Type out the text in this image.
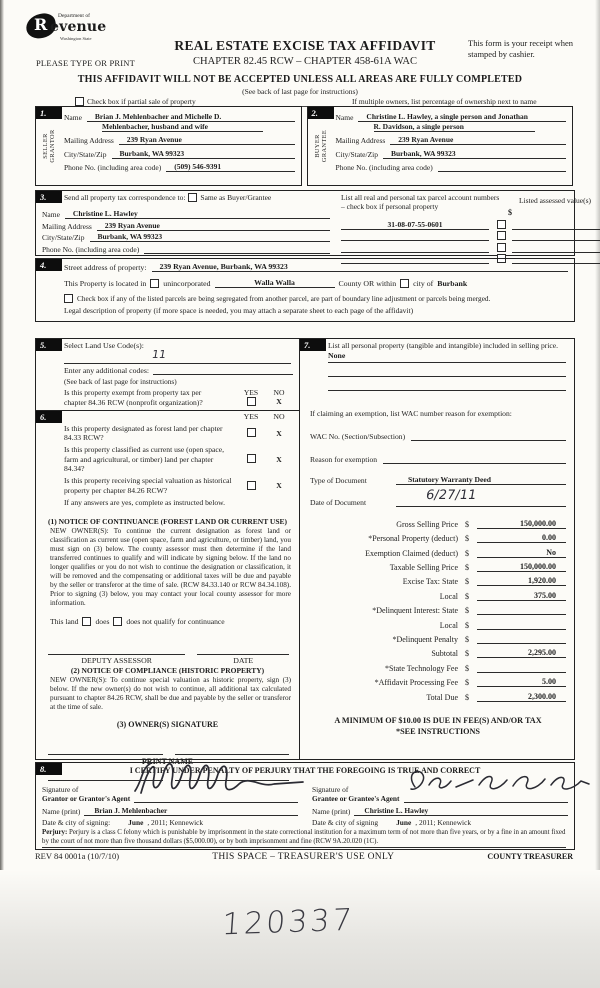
R Department of
evenue
Washington State
PLEASE TYPE OR PRINT
REAL ESTATE EXCISE TAX AFFIDAVIT
CHAPTER 82.45 RCW – CHAPTER 458-61A WAC
This form is your receipt when stamped by cashier.
THIS AFFIDAVIT WILL NOT BE ACCEPTED UNLESS ALL AREAS ARE FULLY COMPLETED
(See back of last page for instructions)
Check box if partial sale of property	If multiple owners, list percentage of ownership next to name
1.
SELLER
GRANTOR
Name	Brian J. Mehlenbacher and Michelle D.
Mehlenbacher, husband and wife
Mailing Address	239 Ryan Avenue
City/State/Zip	Burbank, WA 99323
Phone No. (including area code)	(509) 546-9391
2.
BUYER
GRANTEE
Name	Christine L. Hawley, a single person and Jonathan
R. Davidson, a single person
Mailing Address	239 Ryan Avenue
City/State/Zip	Burbank, WA 99323
Phone No. (including area code)
3.	Send all property tax correspondence to: Same as Buyer/Grantee
Name	Christine L. Hawley
Mailing Address	239 Ryan Avenue
City/State/Zip	Burbank, WA 99323
Phone No. (including area code)
List all real and personal tax parcel account numbers – check box if personal property
Listed assessed value(s)
$
31-08-07-55-0601
4.	Street address of property:	239 Ryan Avenue, Burbank, WA 99323
This Property is located in unincorporated	Walla Walla	County OR within city of Burbank
Check box if any of the listed parcels are being segregated from another parcel, are part of boundary line adjustment or parcels being merged.
Legal description of property (if more space is needed, you may attach a separate sheet to each page of the affidavit)
5.	Select Land Use Code(s):
11
Enter any additional codes:
(See back of last page for instructions)
Is this property exempt from property tax per
chapter 84.36 RCW (nonprofit organization)?
YES NO
X
6.	YES	NO
Is this property designated as forest land per chapter 84.33 RCW?	X
Is this property classified as current use (open space, farm and agricultural, or timber) land per chapter 84.34?
X
Is this property receiving special valuation as historical property per chapter 84.26 RCW?	X
If any answers are yes, complete as instructed below.
(1) NOTICE OF CONTINUANCE (FOREST LAND OR CURRENT USE)
NEW OWNER(S): To continue the current designation as forest land or classification as current use (open space, farm and agriculture, or timber) land, you must sign on (3) below. The county assessor must then determine if the land transferred continues to qualify and will indicate by signing below. If the land no longer qualifies or you do not wish to continue the designation or classification, it will be removed and the compensating or additional taxes will be due and payable by the seller or transferor at the time of sale. (RCW 84.33.140 or RCW 84.34.108). Prior to signing (3) below, you may contact your local county assessor for more information.
This land does does not qualify for continuance
DEPUTY ASSESSOR	DATE
(2) NOTICE OF COMPLIANCE (HISTORIC PROPERTY)
NEW OWNER(S): To continue special valuation as historic property, sign (3) below. If the new owner(s) do not wish to continue, all additional tax calculated pursuant to chapter 84.26 RCW, shall be due and payable by the seller or transferor at the time of sale.
(3) OWNER(S) SIGNATURE
PRINT NAME
7.	List all personal property (tangible and intangible) included in selling price.
None
If claiming an exemption, list WAC number reason for exemption:
WAC No. (Section/Subsection)
Reason for exemption
Type of Document	Statutory Warranty Deed
Date of Document	6/27/11
Gross Selling Price $	150,000.00
*Personal Property (deduct) $	0.00
Exemption Claimed (deduct) $	No
Taxable Selling Price $	150,000.00
Excise Tax: State $	1,920.00
Local $	375.00
*Delinquent Interest: State $
Local $
*Delinquent Penalty $
Subtotal $	2,295.00
*State Technology Fee $
*Affidavit Processing Fee $	5.00
Total Due $	2,300.00
A MINIMUM OF $10.00 IS DUE IN FEE(S) AND/OR TAX
*SEE INSTRUCTIONS
8.	I CERTIFY UNDER PENALTY OF PERJURY THAT THE FOREGOING IS TRUE AND CORRECT
Signature of
Grantor or Grantor's Agent
Name (print)	Brian J. Mehlenbacher
Date & city of signing: June , 2011; Kennewick
Signature of
Grantee or Grantee's Agent
Name (print)	Christine L. Hawley
Date & city of signing June , 2011; Kennewick
Perjury: Perjury is a class C felony which is punishable by imprisonment in the state correctional institution for a maximum term of not more than five years, or by a fine in an amount fixed by the court of not more than five thousand dollars ($5,000.00), or by both imprisonment and fine (RCW 9A.20.020 (1C).
REV 84 0001a (10/7/10)	THIS SPACE – TREASURER'S USE ONLY	COUNTY TREASURER
120337
